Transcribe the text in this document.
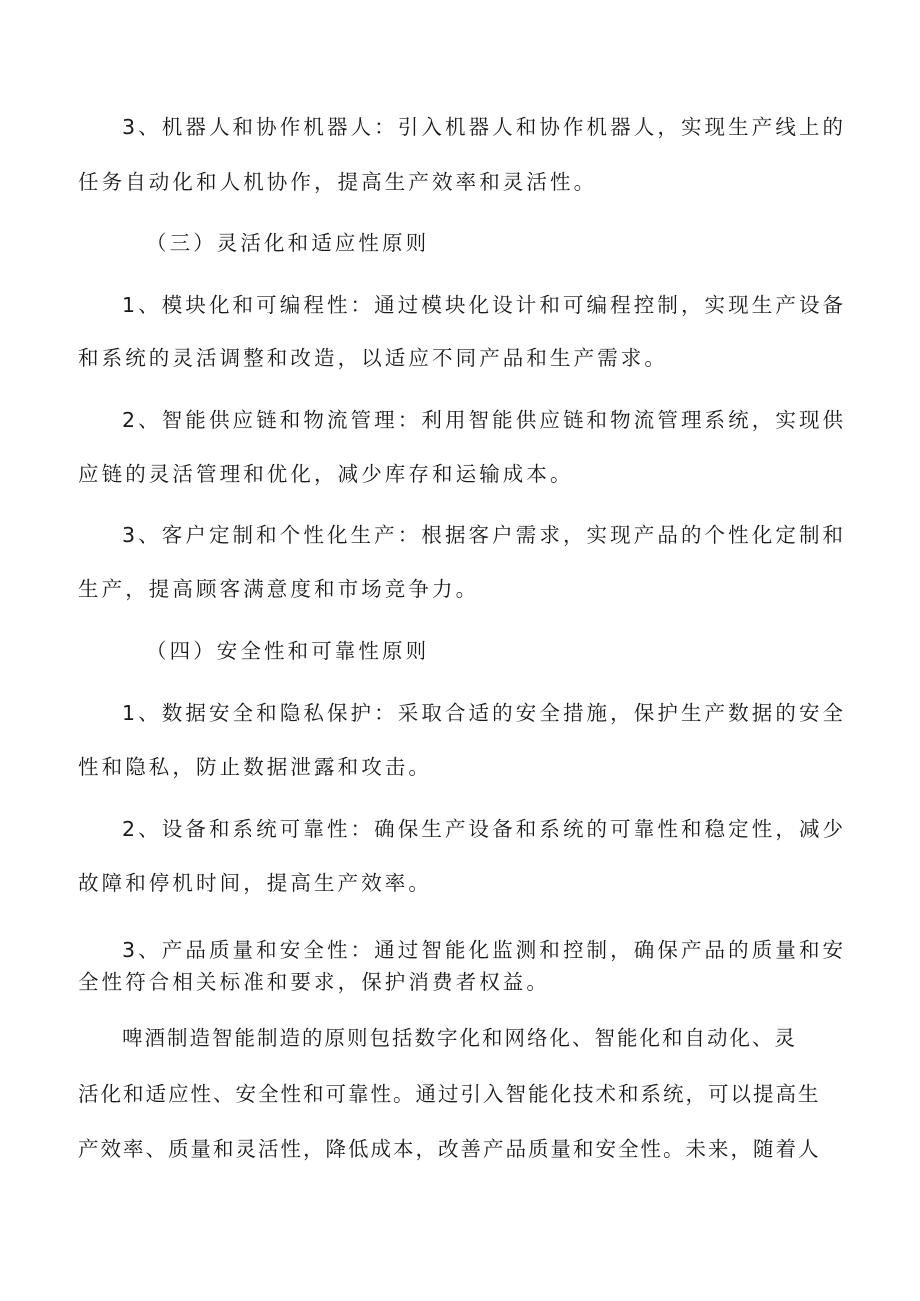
3、机器人和协作机器人：引入机器人和协作机器人，实现生产线上的
任务自动化和人机协作，提高生产效率和灵活性。
（三）灵活化和适应性原则
1、模块化和可编程性：通过模块化设计和可编程控制，实现生产设备
和系统的灵活调整和改造，以适应不同产品和生产需求。
2、智能供应链和物流管理：利用智能供应链和物流管理系统，实现供
应链的灵活管理和优化，减少库存和运输成本。
3、客户定制和个性化生产：根据客户需求，实现产品的个性化定制和
生产，提高顾客满意度和市场竞争力。
（四）安全性和可靠性原则
1、数据安全和隐私保护：采取合适的安全措施，保护生产数据的安全
性和隐私，防止数据泄露和攻击。
2、设备和系统可靠性：确保生产设备和系统的可靠性和稳定性，减少
故障和停机时间，提高生产效率。
3、产品质量和安全性：通过智能化监测和控制，确保产品的质量和安
全性符合相关标准和要求，保护消费者权益。
啤酒制造智能制造的原则包括数字化和网络化、智能化和自动化、灵
活化和适应性、安全性和可靠性。通过引入智能化技术和系统，可以提高生
产效率、质量和灵活性，降低成本，改善产品质量和安全性。未来，随着人
